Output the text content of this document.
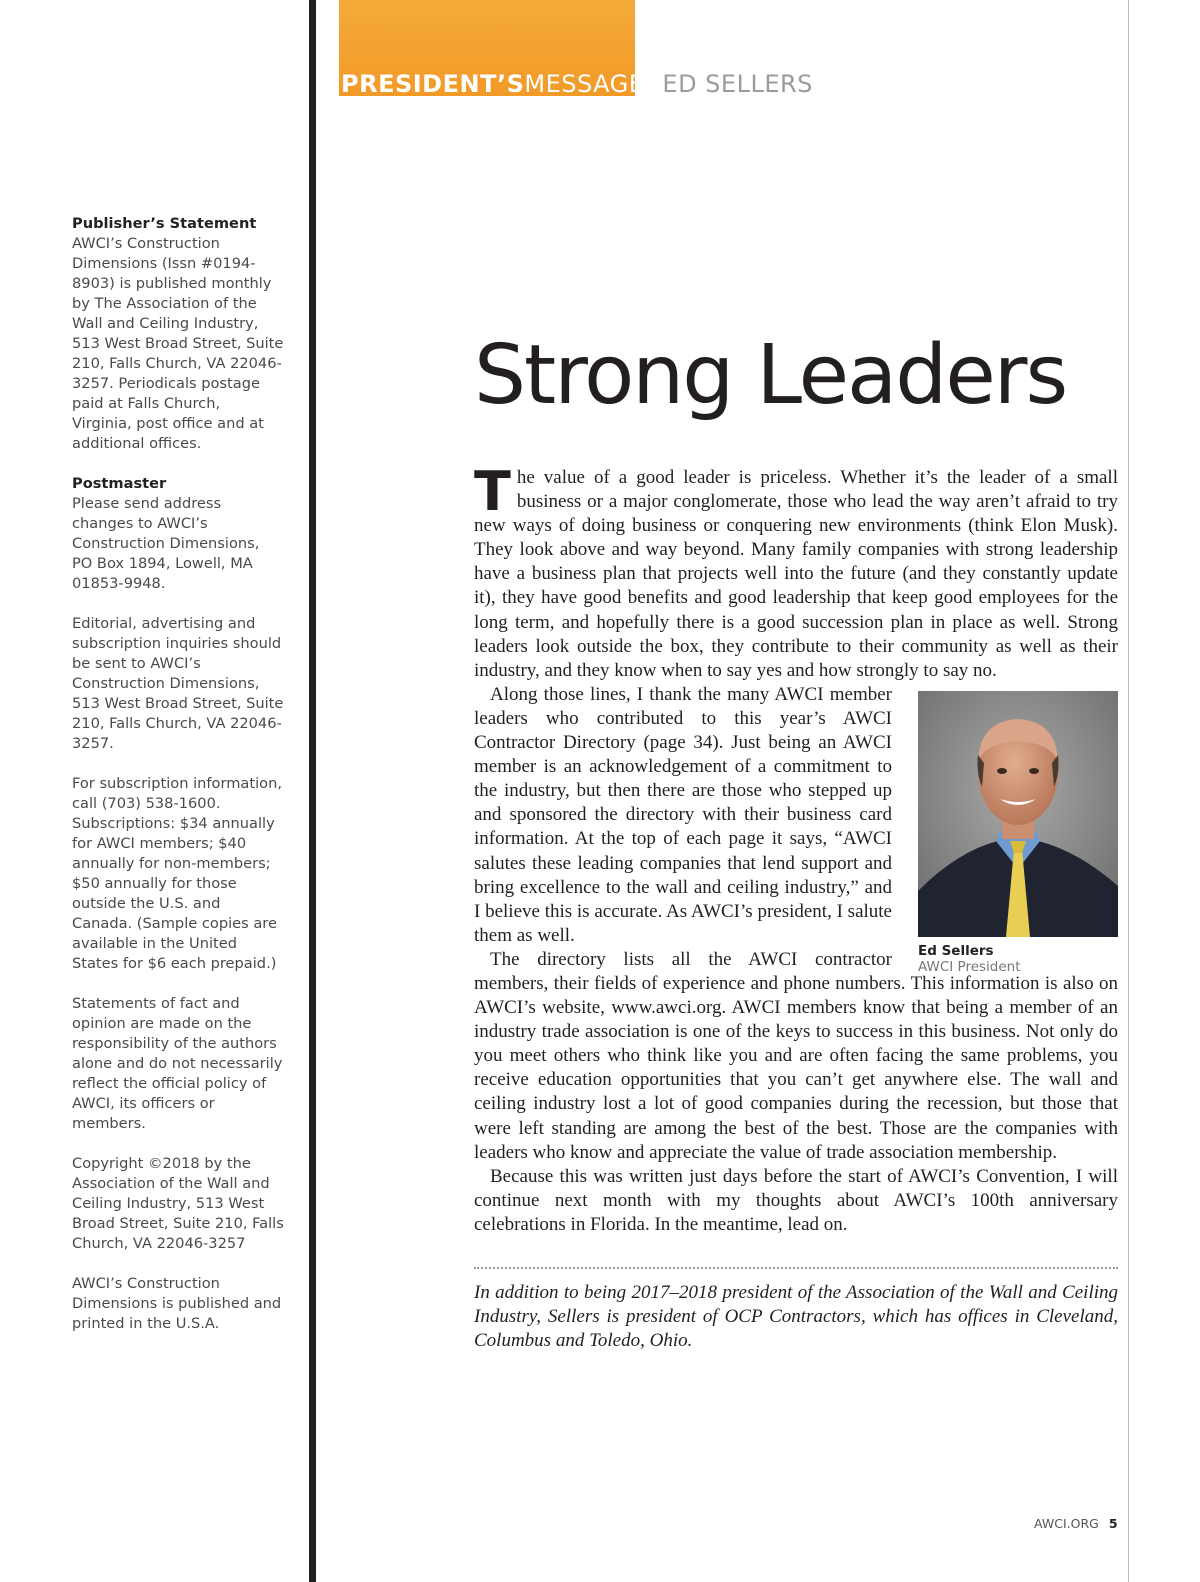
Publisher’s Statement
AWCI’s Construction Dimensions (Issn #0194-8903) is published monthly by The Association of the Wall and Ceiling Industry, 513 West Broad Street, Suite 210, Falls Church, VA 22046-3257. Periodicals postage paid at Falls Church, Virginia, post office and at additional offices.

Postmaster
Please send address changes to AWCI’s Construction Dimensions, PO Box 1894, Lowell, MA 01853-9948.

Editorial, advertising and subscription inquiries should be sent to AWCI’s Construction Dimensions, 513 West Broad Street, Suite 210, Falls Church, VA 22046-3257.

For subscription information, call (703) 538-1600. Subscriptions: $34 annually for AWCI members; $40 annually for non-members; $50 annually for those outside the U.S. and Canada. (Sample copies are available in the United States for $6 each prepaid.)

Statements of fact and opinion are made on the responsibility of the authors alone and do not necessarily reflect the official policy of AWCI, its officers or members.

Copyright ©2018 by the Association of the Wall and Ceiling Industry, 513 West Broad Street, Suite 210, Falls Church, VA 22046-3257

AWCI’s Construction Dimensions is published and printed in the U.S.A.

PRESIDENT’SMESSAGE ED SELLERS
Strong Leaders

The value of a good leader is priceless. Whether it’s the leader of a small business or a major conglomerate, those who lead the way aren’t afraid to try new ways of doing business or conquering new environments (think Elon Musk). They look above and way beyond. Many family companies with strong leadership have a business plan that projects well into the future (and they constantly update it), they have good benefits and good leadership that keep good employees for the long term, and hopefully there is a good succession plan in place as well. Strong leaders look outside the box, they contribute to their community as well as their industry, and they know when to say yes and how strongly to say no.

Ed Sellers
AWCI President

Along those lines, I thank the many AWCI member leaders who contributed to this year’s AWCI Contractor Directory (page 34). Just being an AWCI member is an acknowledgement of a commitment to the industry, but then there are those who stepped up and sponsored the directory with their business card information. At the top of each page it says, “AWCI salutes these leading companies that lend support and bring excellence to the wall and ceiling industry,” and I believe this is accurate. As AWCI’s president, I salute them as well.

The directory lists all the AWCI contractor members, their fields of experience and phone numbers. This information is also on AWCI’s website, www.awci.org. AWCI members know that being a member of an industry trade association is one of the keys to success in this business. Not only do you meet others who think like you and are often facing the same problems, you receive education opportunities that you can’t get anywhere else. The wall and ceiling industry lost a lot of good companies during the recession, but those that were left standing are among the best of the best. Those are the companies with leaders who know and appreciate the value of trade association membership.

Because this was written just days before the start of AWCI’s Convention, I will continue next month with my thoughts about AWCI’s 100th anniversary celebrations in Florida. In the meantime, lead on.

In addition to being 2017–2018 president of the Association of the Wall and Ceiling Industry, Sellers is president of OCP Contractors, which has offices in Cleveland, Columbus and Toledo, Ohio.
AWCI.ORG 5
